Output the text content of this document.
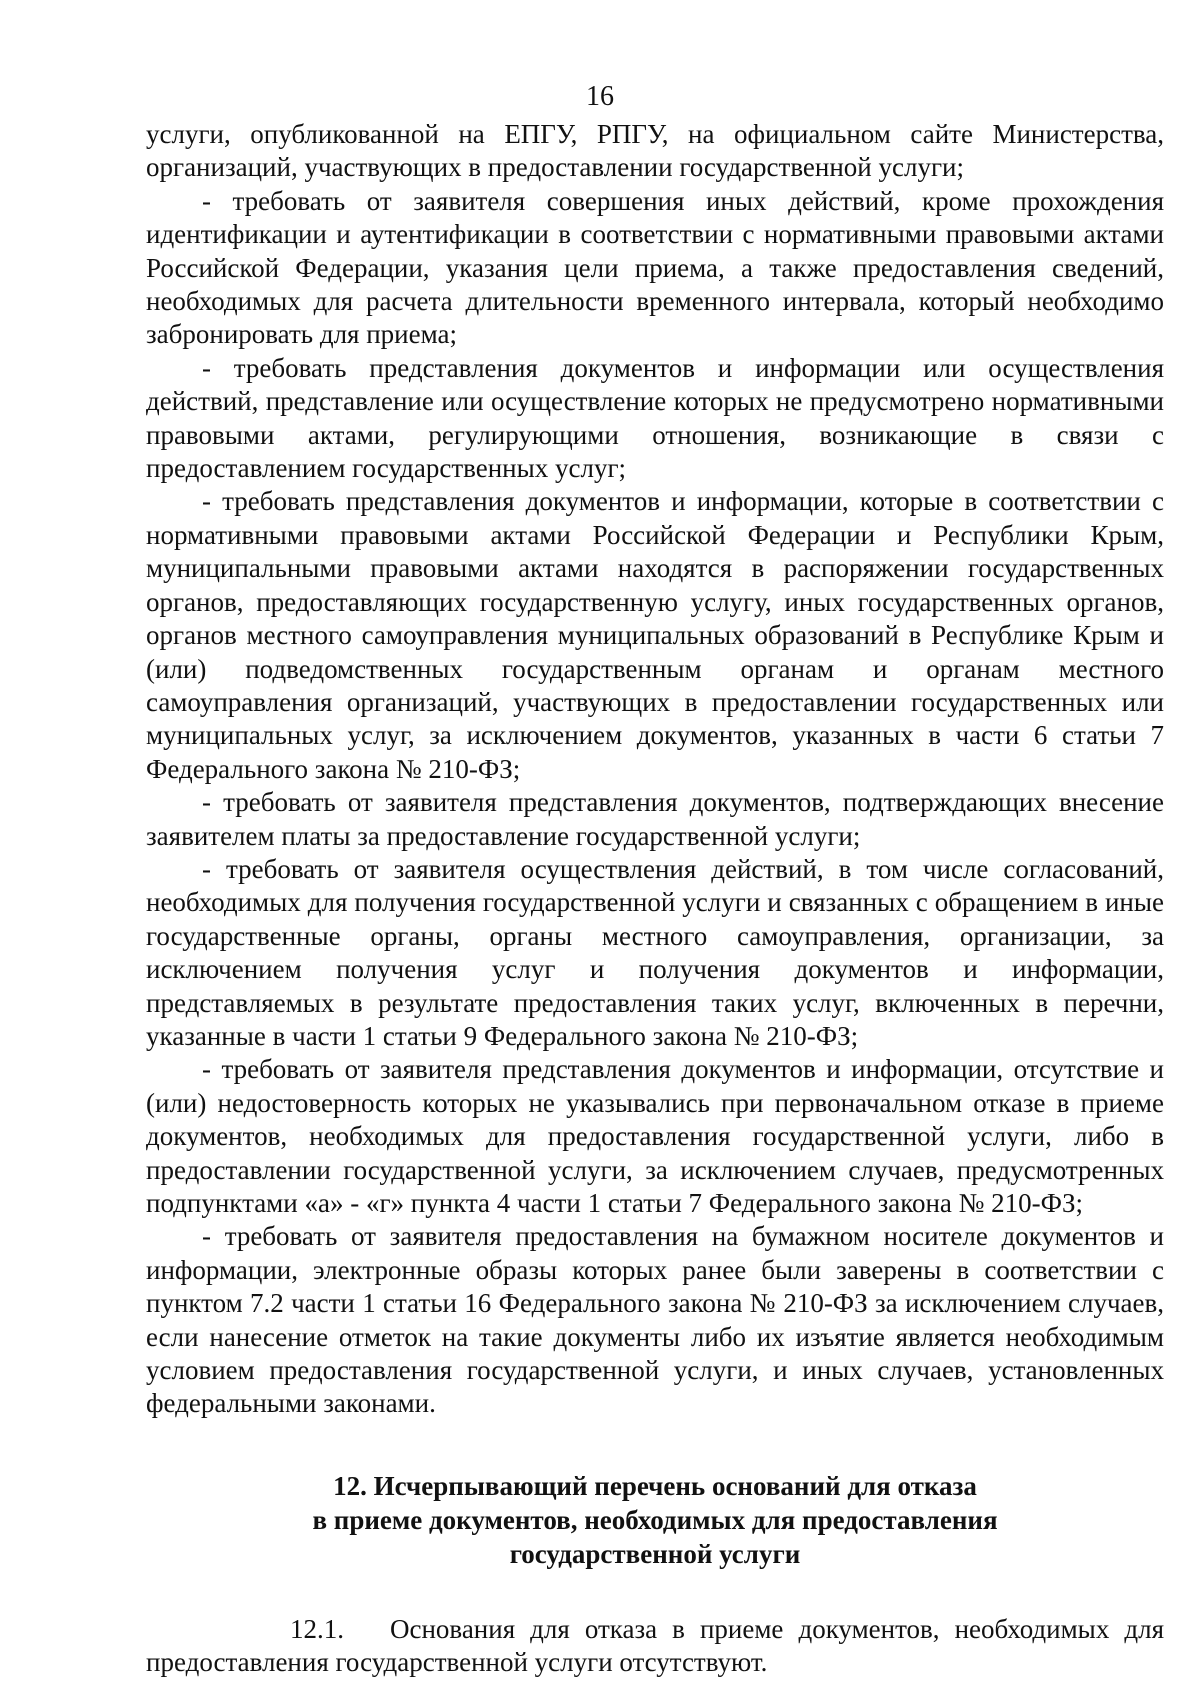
16

услуги, опубликованной на ЕПГУ, РПГУ, на официальном сайте Министерства, организаций, участвующих в предоставлении государственной услуги;

- требовать от заявителя совершения иных действий, кроме прохождения идентификации и аутентификации в соответствии с нормативными правовыми актами Российской Федерации, указания цели приема, а также предоставления сведений, необходимых для расчета длительности временного интервала, который необходимо забронировать для приема;

- требовать представления документов и информации или осуществления действий, представление или осуществление которых не предусмотрено нормативными правовыми актами, регулирующими отношения, возникающие в связи с предоставлением государственных услуг;

- требовать представления документов и информации, которые в соответствии с нормативными правовыми актами Российской Федерации и Республики Крым, муниципальными правовыми актами находятся в распоряжении государственных органов, предоставляющих государственную услугу, иных государственных органов, органов местного самоуправления муниципальных образований в Республике Крым и (или) подведомственных государственным органам и органам местного самоуправления организаций, участвующих в предоставлении государственных или муниципальных услуг, за исключением документов, указанных в части 6 статьи 7 Федерального закона № 210-ФЗ;

- требовать от заявителя представления документов, подтверждающих внесение заявителем платы за предоставление государственной услуги;

- требовать от заявителя осуществления действий, в том числе согласований, необходимых для получения государственной услуги и связанных с обращением в иные государственные органы, органы местного самоуправления, организации, за исключением получения услуг и получения документов и информации, представляемых в результате предоставления таких услуг, включенных в перечни, указанные в части 1 статьи 9 Федерального закона № 210-ФЗ;

- требовать от заявителя представления документов и информации, отсутствие и (или) недостоверность которых не указывались при первоначальном отказе в приеме документов, необходимых для предоставления государственной услуги, либо в предоставлении государственной услуги, за исключением случаев, предусмотренных подпунктами «а» - «г» пункта 4 части 1 статьи 7 Федерального закона № 210-ФЗ;

- требовать от заявителя предоставления на бумажном носителе документов и информации, электронные образы которых ранее были заверены в соответствии с пунктом 7.2 части 1 статьи 16 Федерального закона № 210-ФЗ за исключением случаев, если нанесение отметок на такие документы либо их изъятие является необходимым условием предоставления государственной услуги, и иных случаев, установленных федеральными законами.

12. Исчерпывающий перечень оснований для отказа
в приеме документов, необходимых для предоставления
государственной услуги

12.1. Основания для отказа в приеме документов, необходимых для предоставления государственной услуги отсутствуют.
